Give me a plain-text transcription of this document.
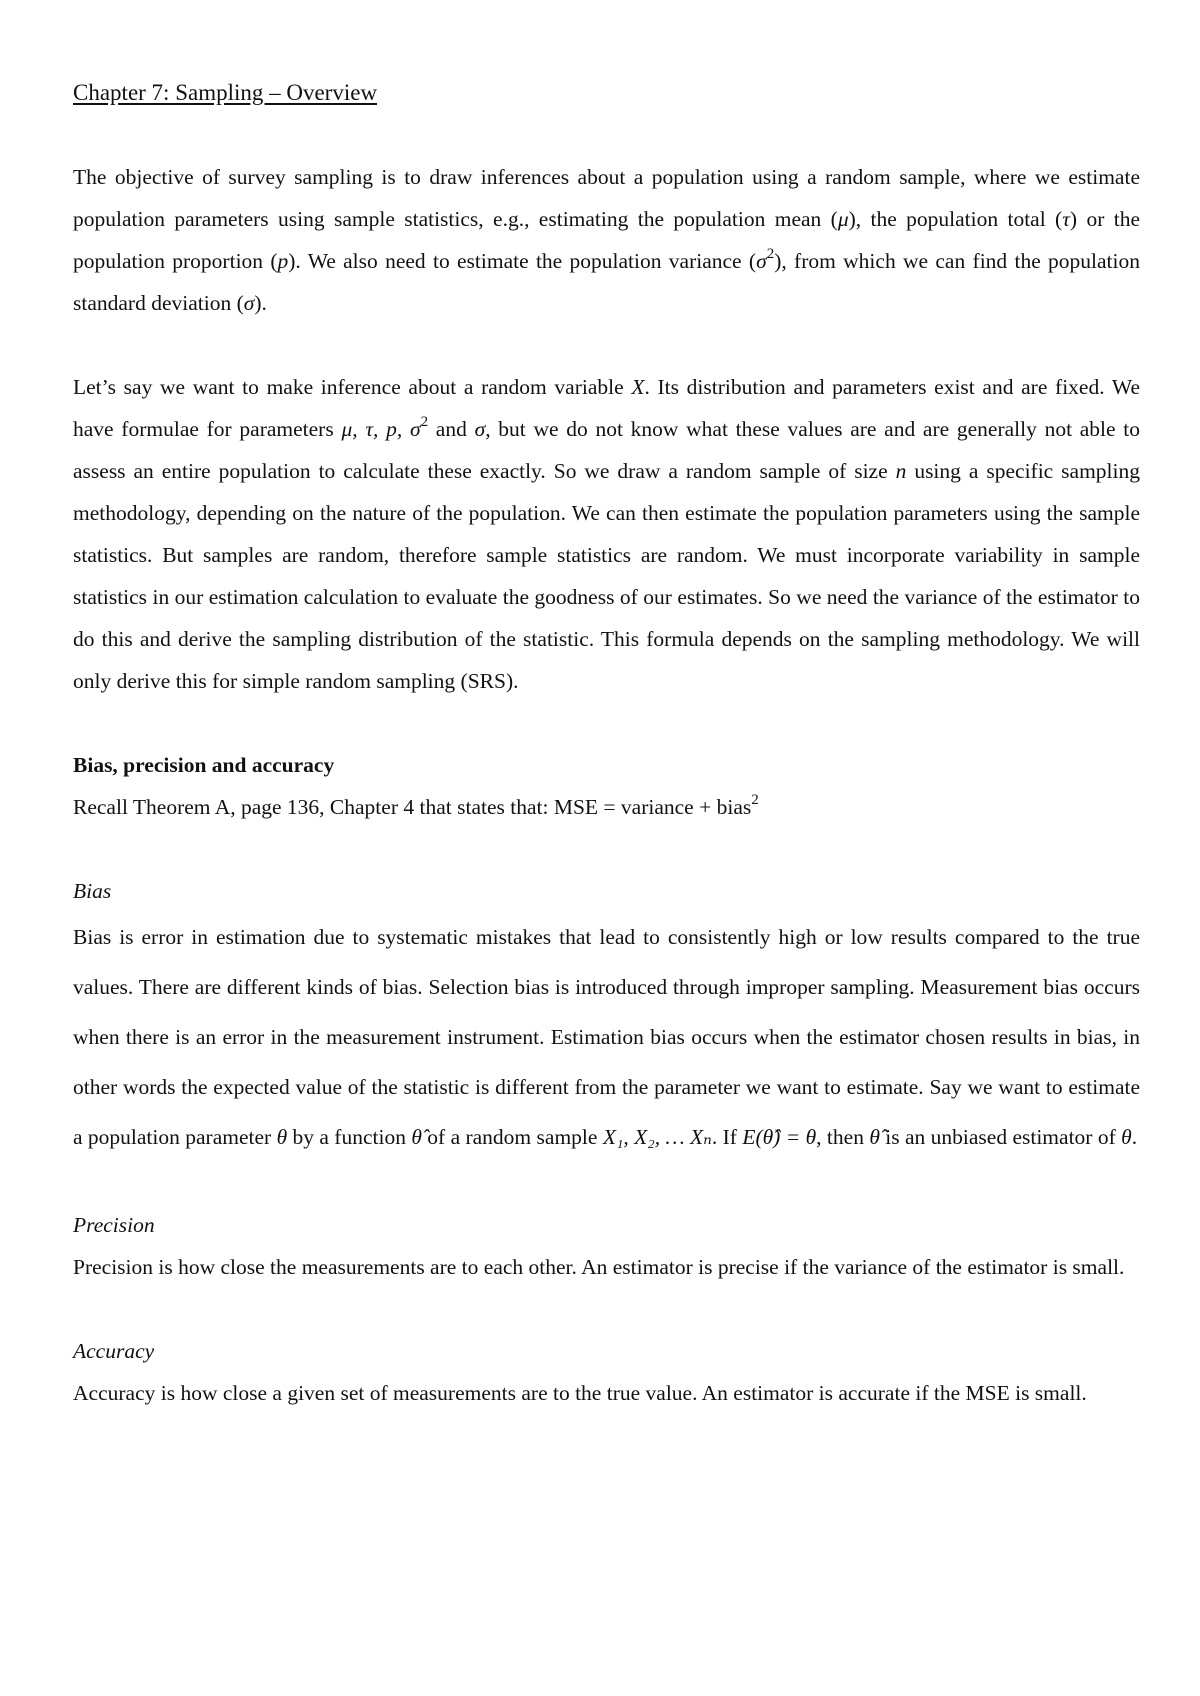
Chapter 7: Sampling – Overview

The objective of survey sampling is to draw inferences about a population using a random sample, where we estimate population parameters using sample statistics, e.g., estimating the population mean (μ), the population total (τ) or the population proportion (p). We also need to estimate the population variance $(\sigma^2)$, from which we can find the population standard deviation (σ).

Let’s say we want to make inference about a random variable X. Its distribution and parameters exist and are fixed. We have formulae for parameters μ, τ, p, $\sigma^2$ and σ, but we do not know what these values are and are generally not able to assess an entire population to calculate these exactly. So we draw a random sample of size n using a specific sampling methodology, depending on the nature of the population. We can then estimate the population parameters using the sample statistics. But samples are random, therefore sample statistics are random. We must incorporate variability in sample statistics in our estimation calculation to evaluate the goodness of our estimates. So we need the variance of the estimator to do this and derive the sampling distribution of the statistic. This formula depends on the sampling methodology. We will only derive this for simple random sampling (SRS).

Bias, precision and accuracy

Recall Theorem A, page 136, Chapter 4 that states that: MSE = variance + bias$^2$

Bias

Bias is error in estimation due to systematic mistakes that lead to consistently high or low results compared to the true values. There are different kinds of bias. Selection bias is introduced through improper sampling. Measurement bias occurs when there is an error in the measurement instrument. Estimation bias occurs when the estimator chosen results in bias, in other words the expected value of the statistic is different from the parameter we want to estimate. Say we want to estimate a population parameter θ by a function θ̂ of a random sample X₁, X₂, … Xₙ. If E(θ̂) = θ, then θ̂ is an unbiased estimator of θ.

Precision

Precision is how close the measurements are to each other. An estimator is precise if the variance of the estimator is small.

Accuracy

Accuracy is how close a given set of measurements are to the true value. An estimator is accurate if the MSE is small.
